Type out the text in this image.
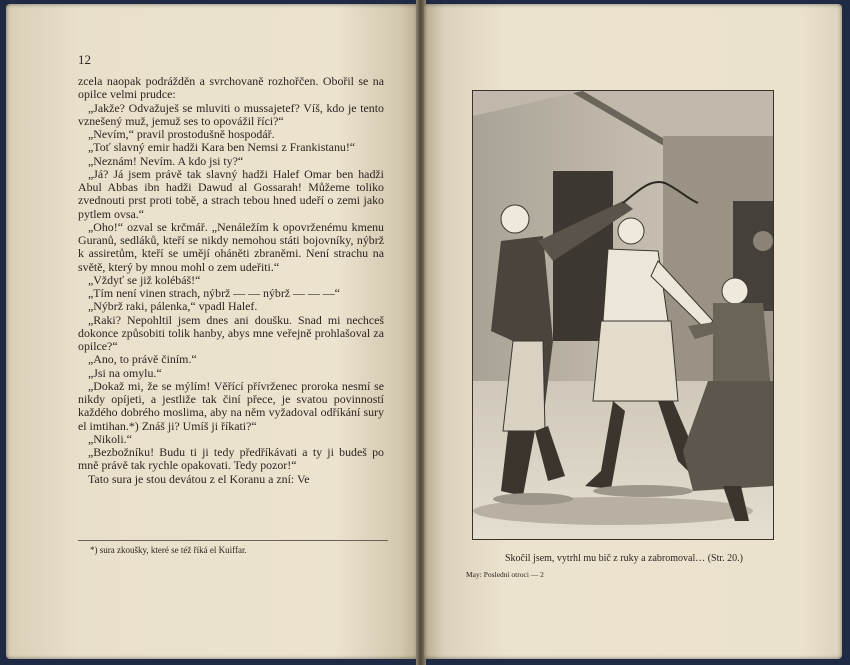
12

zcela naopak podrážděn a svrchovaně rozhořčen. Obořil se na opilce velmi prudce:

„Jakže? Odvažuješ se mluviti o mussajetef? Víš, kdo je tento vznešený muž, jemuž ses to opovážil říci?“

„Nevím,“ pravil prostodušně hospodář.

„Toť slavný emir hadži Kara ben Nemsi z Frankistanu!“

„Neznám! Nevím. A kdo jsi ty?“

„Já? Já jsem právě tak slavný hadži Halef Omar ben hadži Abul Abbas ibn hadži Dawud al Gossarah! Můžeme toliko zvednouti prst proti tobě, a strach tebou hned udeří o zemi jako pytlem ovsa.“

„Oho!“ ozval se krčmář. „Nenáležím k opovrženému kmenu Guranů, sedláků, kteří se nikdy nemohou státi bojovníky, nýbrž k assiretům, kteří se umějí oháněti zbraněmi. Není strachu na světě, který by mnou mohl o zem udeřiti.“

„Vždyť se již kolébáš!“

„Tím není vinen strach, nýbrž — — nýbrž — — —“

„Nýbrž raki, pálenka,“ vpadl Halef.

„Raki? Nepohltil jsem dnes ani doušku. Snad mi nechceš dokonce způsobiti tolik hanby, abys mne veřejně prohlašoval za opilce?“

„Ano, to právě činím.“

„Jsi na omylu.“

„Dokaž mi, že se mýlím! Věřící přívrženec proroka nesmí se nikdy opíjeti, a jestliže tak činí přece, je svatou povinností každého dobrého moslima, aby na něm vyžadoval odříkání sury el imtihan.*) Znáš ji? Umíš ji říkati?“

„Nikoli.“

„Bezbožníku! Budu ti ji tedy předříkávati a ty ji budeš po mně právě tak rychle opakovati. Tedy pozor!“

Tato sura je stou devátou z el Koranu a zní: Ve

*) sura zkoušky, které se též říká el Kuiffar.
Skočil jsem, vytrhl mu bič z ruky a zabromoval… (Str. 20.)
May: Poslední otroci — 2
